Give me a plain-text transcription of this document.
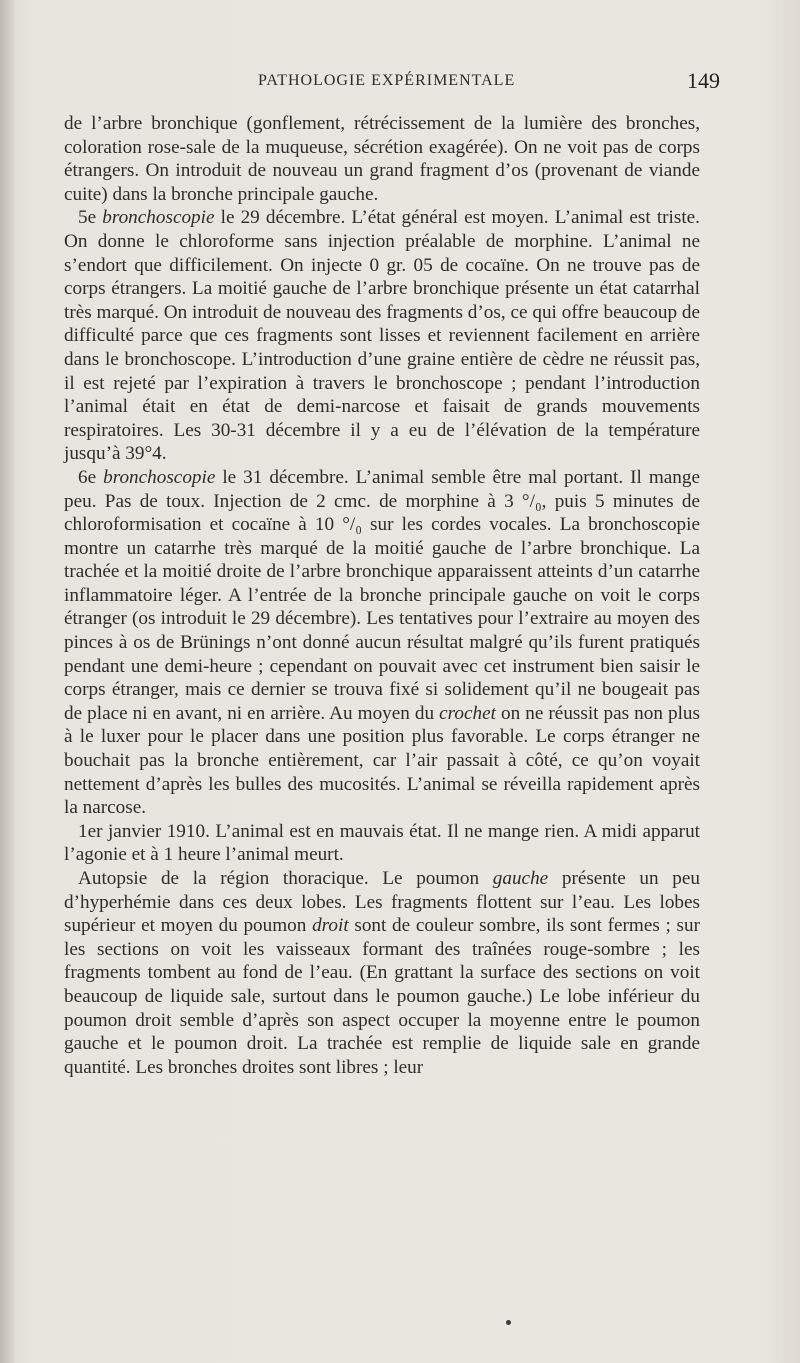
PATHOLOGIE EXPÉRIMENTALE	149

de l’arbre bronchique (gonflement, rétrécissement de la lumière des bronches, coloration rose-sale de la muqueuse, sécrétion exagérée). On ne voit pas de corps étrangers. On introduit de nouveau un grand fragment d’os (provenant de viande cuite) dans la bronche principale gauche.

5e bronchoscopie le 29 décembre. L’état général est moyen. L’animal est triste. On donne le chloroforme sans injection préalable de morphine. L’animal ne s’endort que difficilement. On injecte 0 gr. 05 de cocaïne. On ne trouve pas de corps étrangers. La moitié gauche de l’arbre bronchique présente un état catarrhal très marqué. On introduit de nouveau des fragments d’os, ce qui offre beaucoup de difficulté parce que ces fragments sont lisses et reviennent facilement en arrière dans le bronchoscope. L’introduction d’une graine entière de cèdre ne réussit pas, il est rejeté par l’expiration à travers le bronchoscope ; pendant l’introduction l’animal était en état de demi-narcose et faisait de grands mouvements respiratoires. Les 30-31 décembre il y a eu de l’élévation de la température jusqu’à 39°4.

6e bronchoscopie le 31 décembre. L’animal semble être mal portant. Il mange peu. Pas de toux. Injection de 2 cmc. de morphine à 3 °/₀, puis 5 minutes de chloroformisation et cocaïne à 10 °/₀ sur les cordes vocales. La bronchoscopie montre un catarrhe très marqué de la moitié gauche de l’arbre bronchique. La trachée et la moitié droite de l’arbre bronchique apparaissent atteints d’un catarrhe inflammatoire léger. A l’entrée de la bronche principale gauche on voit le corps étranger (os introduit le 29 décembre). Les tentatives pour l’extraire au moyen des pinces à os de Brünings n’ont donné aucun résultat malgré qu’ils furent pratiqués pendant une demi-heure ; cependant on pouvait avec cet instrument bien saisir le corps étranger, mais ce dernier se trouva fixé si solidement qu’il ne bougeait pas de place ni en avant, ni en arrière. Au moyen du crochet on ne réussit pas non plus à le luxer pour le placer dans une position plus favorable. Le corps étranger ne bouchait pas la bronche entièrement, car l’air passait à côté, ce qu’on voyait nettement d’après les bulles des mucosités. L’animal se réveilla rapidement après la narcose.

1er janvier 1910. L’animal est en mauvais état. Il ne mange rien. A midi apparut l’agonie et à 1 heure l’animal meurt.

Autopsie de la région thoracique. Le poumon gauche présente un peu d’hyperhémie dans ces deux lobes. Les fragments flottent sur l’eau. Les lobes supérieur et moyen du poumon droit sont de couleur sombre, ils sont fermes ; sur les sections on voit les vaisseaux formant des traînées rouge-sombre ; les fragments tombent au fond de l’eau. (En grattant la surface des sections on voit beaucoup de liquide sale, surtout dans le poumon gauche.) Le lobe inférieur du poumon droit semble d’après son aspect occuper la moyenne entre le poumon gauche et le poumon droit. La trachée est remplie de liquide sale en grande quantité. Les bronches droites sont libres ; leur
